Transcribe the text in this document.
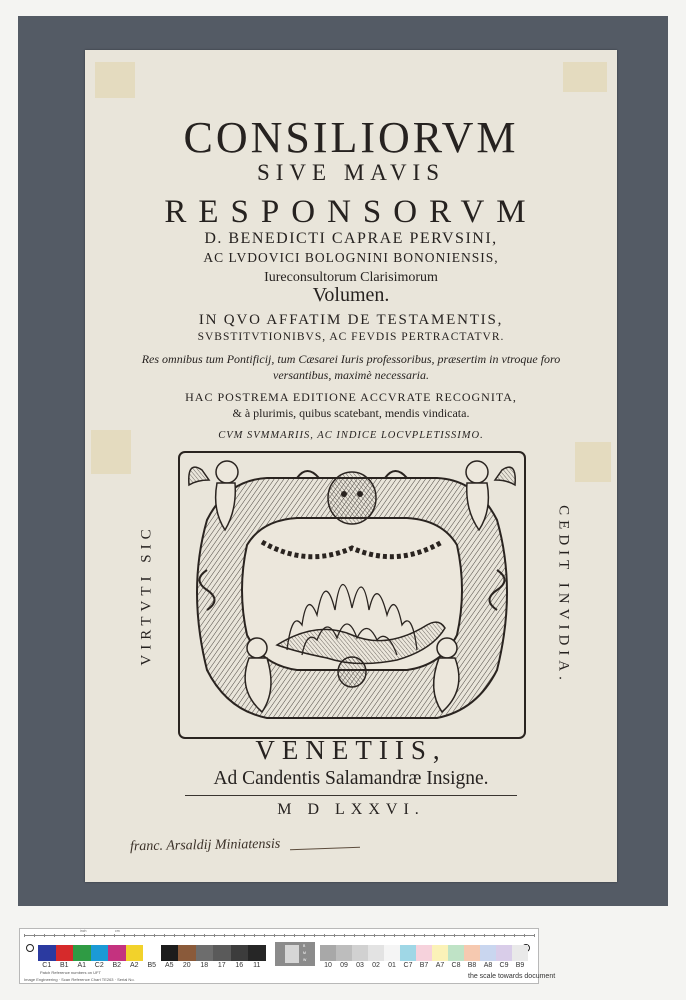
CONSILIORVM
SIVE MAVIS
RESPONSORVM
D. BENEDICTI CAPRAE PERVSINI,
AC LVDOVICI BOLOGNINI BONONIENSIS,
Iureconsultorum Clarisimorum
Volumen.
IN QVO AFFATIM DE TESTAMENTIS,
SVBSTITVTIONIBVS, AC FEVDIS PERTRACTATVR.
Res omnibus tum Pontificij, tum Cæsarei Iuris professoribus, præsertim in vtroque foro
versantibus, maximè necessaria.
HAC POSTREMA EDITIONE ACCVRATE RECOGNITA,
& à plurimis, quibus scatebant, mendis vindicata.
CVM SVMMARIIS, AC INDICE LOCVPLETISSIMO.
VIRTVTI SIC	CEDIT INVIDIA.
VENETIIS,
Ad Candentis Salamandræ Insigne.
M D LXXVI.
franc. Arsaldij Miniatensis
inch	cm
C1	B1	A1	C2	B2	A2	B5	A5	20	18	17	16	11
B
M
W
10	09	03	02	01	C7	B7	A7	C8	B8	A8	C9	B9
Patch Reference numbers on UFT
Image Engineering · Scan Reference Chart TE263 · Serial No.	the scale towards document
